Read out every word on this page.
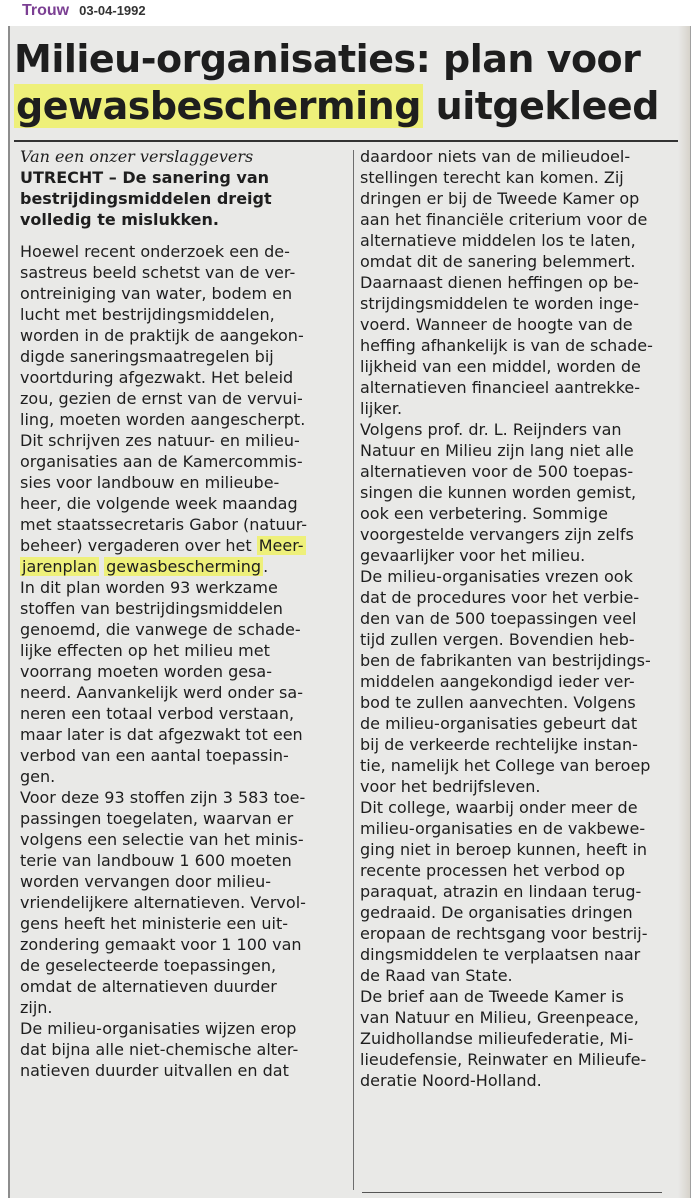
Trouw 03-04-1992
Milieu-organisaties: plan voor
gewasbescherming uitgekleed
Van een onzer verslaggevers
UTRECHT – De sanering van
bestrijdingsmiddelen dreigt
volledig te mislukken.
Hoewel recent onderzoek een de-
sastreus beeld schetst van de ver-
ontreiniging van water, bodem en
lucht met bestrijdingsmiddelen,
worden in de praktijk de aangekon-
digde saneringsmaatregelen bij
voortduring afgezwakt. Het beleid
zou, gezien de ernst van de vervui-
ling, moeten worden aangescherpt.
Dit schrijven zes natuur- en milieu-
organisaties aan de Kamercommis-
sies voor landbouw en milieube-
heer, die volgende week maandag
met staatssecretaris Gabor (natuur-
beheer) vergaderen over het Meer-
jarenplan gewasbescherming .
In dit plan worden 93 werkzame
stoffen van bestrijdingsmiddelen
genoemd, die vanwege de schade-
lijke effecten op het milieu met
voorrang moeten worden gesa-
neerd. Aanvankelijk werd onder sa-
neren een totaal verbod verstaan,
maar later is dat afgezwakt tot een
verbod van een aantal toepassin-
gen.
Voor deze 93 stoffen zijn 3 583 toe-
passingen toegelaten, waarvan er
volgens een selectie van het minis-
terie van landbouw 1 600 moeten
worden vervangen door milieu-
vriendelijkere alternatieven. Vervol-
gens heeft het ministerie een uit-
zondering gemaakt voor 1 100 van
de geselecteerde toepassingen,
omdat de alternatieven duurder
zijn.
De milieu-organisaties wijzen erop
dat bijna alle niet-chemische alter-
natieven duurder uitvallen en dat
daardoor niets van de milieudoel-
stellingen terecht kan komen. Zij
dringen er bij de Tweede Kamer op
aan het financiële criterium voor de
alternatieve middelen los te laten,
omdat dit de sanering belemmert.
Daarnaast dienen heffingen op be-
strijdingsmiddelen te worden inge-
voerd. Wanneer de hoogte van de
heffing afhankelijk is van de schade-
lijkheid van een middel, worden de
alternatieven financieel aantrekke-
lijker.
Volgens prof. dr. L. Reijnders van
Natuur en Milieu zijn lang niet alle
alternatieven voor de 500 toepas-
singen die kunnen worden gemist,
ook een verbetering. Sommige
voorgestelde vervangers zijn zelfs
gevaarlijker voor het milieu.
De milieu-organisaties vrezen ook
dat de procedures voor het verbie-
den van de 500 toepassingen veel
tijd zullen vergen. Bovendien heb-
ben de fabrikanten van bestrijdings-
middelen aangekondigd ieder ver-
bod te zullen aanvechten. Volgens
de milieu-organisaties gebeurt dat
bij de verkeerde rechtelijke instan-
tie, namelijk het College van beroep
voor het bedrijfsleven.
Dit college, waarbij onder meer de
milieu-organisaties en de vakbewe-
ging niet in beroep kunnen, heeft in
recente processen het verbod op
paraquat, atrazin en lindaan terug-
gedraaid. De organisaties dringen
eropaan de rechtsgang voor bestrij-
dingsmiddelen te verplaatsen naar
de Raad van State.
De brief aan de Tweede Kamer is
van Natuur en Milieu, Greenpeace,
Zuidhollandse milieufederatie, Mi-
lieudefensie, Reinwater en Milieufe-
deratie Noord-Holland.
